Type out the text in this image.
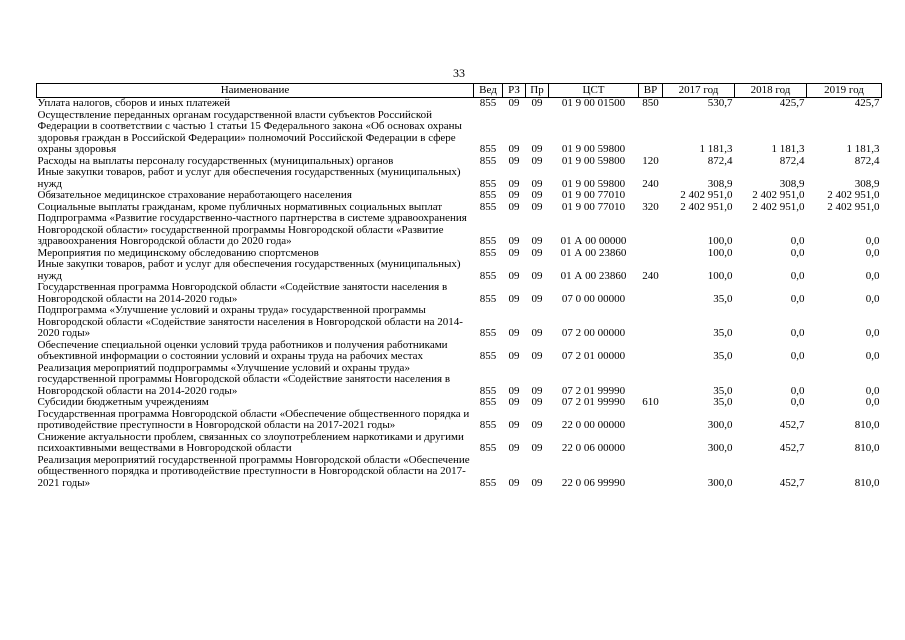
33
Наименование	Вед	РЗ	Пр	ЦСТ	ВР	2017 год	2018 год	2019 год
Уплата налогов, сборов и иных платежей	855	09	09	01 9 00 01500	850	530,7	425,7	425,7
Осуществление переданных органам государственной власти субъектов Российской Федерации в соответствии с частью 1 статьи 15 Федерального закона «Об основах охраны здоровья граждан в Российской Федерации» полномочий Российской Федерации в сфере охраны здоровья	855	09	09	01 9 00 59800		1 181,3	1 181,3	1 181,3
Расходы на выплаты персоналу государственных (муниципальных) органов	855	09	09	01 9 00 59800	120	872,4	872,4	872,4
Иные закупки товаров, работ и услуг для обеспечения государственных (муниципальных) нужд	855	09	09	01 9 00 59800	240	308,9	308,9	308,9
Обязательное медицинское страхование неработающего населения	855	09	09	01 9 00 77010		2 402 951,0	2 402 951,0	2 402 951,0
Социальные выплаты гражданам, кроме публичных нормативных социальных выплат	855	09	09	01 9 00 77010	320	2 402 951,0	2 402 951,0	2 402 951,0
Подпрограмма «Развитие государственно-частного партнерства в системе здравоохранения Новгородской области» государственной программы Новгородской области «Развитие здравоохранения Новгородской области до 2020 года»	855	09	09	01 А 00 00000		100,0	0,0	0,0
Мероприятия по медицинскому обследованию спортсменов	855	09	09	01 А 00 23860		100,0	0,0	0,0
Иные закупки товаров, работ и услуг для обеспечения государственных (муниципальных) нужд	855	09	09	01 А 00 23860	240	100,0	0,0	0,0
Государственная программа Новгородской области «Содействие занятости населения в Новгородской области на 2014-2020 годы»	855	09	09	07 0 00 00000		35,0	0,0	0,0
Подпрограмма «Улучшение условий и охраны труда» государственной программы Новгородской области «Содействие занятости населения в Новгородской области на 2014-2020 годы»	855	09	09	07 2 00 00000		35,0	0,0	0,0
Обеспечение специальной оценки условий труда работников и получения работниками объективной информации о состоянии условий и охраны труда на рабочих местах	855	09	09	07 2 01 00000		35,0	0,0	0,0
Реализация мероприятий подпрограммы «Улучшение условий и охраны труда» государственной программы Новгородской области «Содействие занятости населения в Новгородской области на 2014-2020 годы»	855	09	09	07 2 01 99990		35,0	0,0	0,0
Субсидии бюджетным учреждениям	855	09	09	07 2 01 99990	610	35,0	0,0	0,0
Государственная программа Новгородской области «Обеспечение общественного порядка и противодействие преступности в Новгородской области на 2017-2021 годы»	855	09	09	22 0 00 00000		300,0	452,7	810,0
Снижение актуальности проблем, связанных со злоупотреблением наркотиками и другими психоактивными веществами в Новгородской области	855	09	09	22 0 06 00000		300,0	452,7	810,0
Реализация мероприятий государственной программы Новгородской области «Обеспечение общественного порядка и противодействие преступности в Новгородской области на 2017-2021 годы»	855	09	09	22 0 06 99990		300,0	452,7	810,0
